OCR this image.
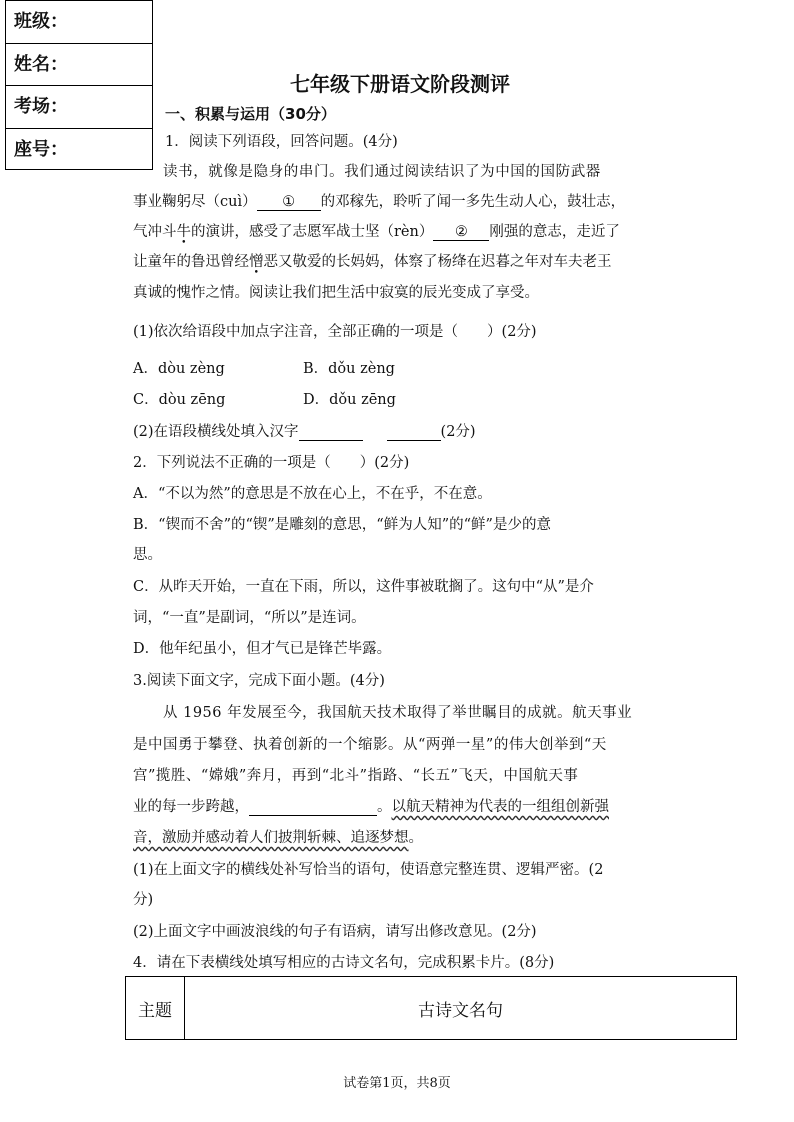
班级：
姓名：
考场：
座号：
七年级下册语文阶段测评
一、积累与运用（30分）
1．阅读下列语段，回答问题。(4分)
读书，就像是隐身的串门。我们通过阅读结识了为中国的国防武器
事业鞠躬尽（cuì） ① 的邓稼先，聆听了闻一多先生动人心，鼓壮志，
气冲斗牛的演讲，感受了志愿军战士坚（rèn） ② 刚强的意志，走近了
让童年的鲁迅曾经憎恶又敬爱的长妈妈，体察了杨绛在迟暮之年对车夫老王
真诚的愧怍之情。阅读让我们把生活中寂寞的辰光变成了享受。
(1)依次给语段中加点字注音，全部正确的一项是（　　）(2分)
A．dòu zèng	B．dǒu zèng
C．dòu zēng	D．dǒu zēng
(2)在语段横线处填入汉字	(2分)
2．下列说法不正确的一项是（　　）(2分)
A．“不以为然”的意思是不放在心上，不在乎，不在意。
B．“锲而不舍”的“锲”是雕刻的意思，“鲜为人知”的“鲜”是少的意
思。
C．从昨天开始，一直在下雨，所以，这件事被耽搁了。这句中“从”是介
词，“一直”是副词，“所以”是连词。
D．他年纪虽小，但才气已是锋芒毕露。
3.阅读下面文字，完成下面小题。(4分)
从 1956 年发展至今，我国航天技术取得了举世瞩目的成就。航天事业
是中国勇于攀登、执着创新的一个缩影。从“两弹一星”的伟大创举到“天
宫”揽胜、“嫦娥”奔月，再到“北斗”指路、“长五”飞天，中国航天事
业的每一步跨越，	。以航天精神为代表的一组组创新强
音，激励并感动着人们披荆斩棘、追逐梦想。
(1)在上面文字的横线处补写恰当的语句，使语意完整连贯、逻辑严密。(2
分)
(2)上面文字中画波浪线的句子有语病，请写出修改意见。(2分)
4．请在下表横线处填写相应的古诗文名句，完成积累卡片。(8分)
主题	古诗文名句
试卷第1页，共8页
